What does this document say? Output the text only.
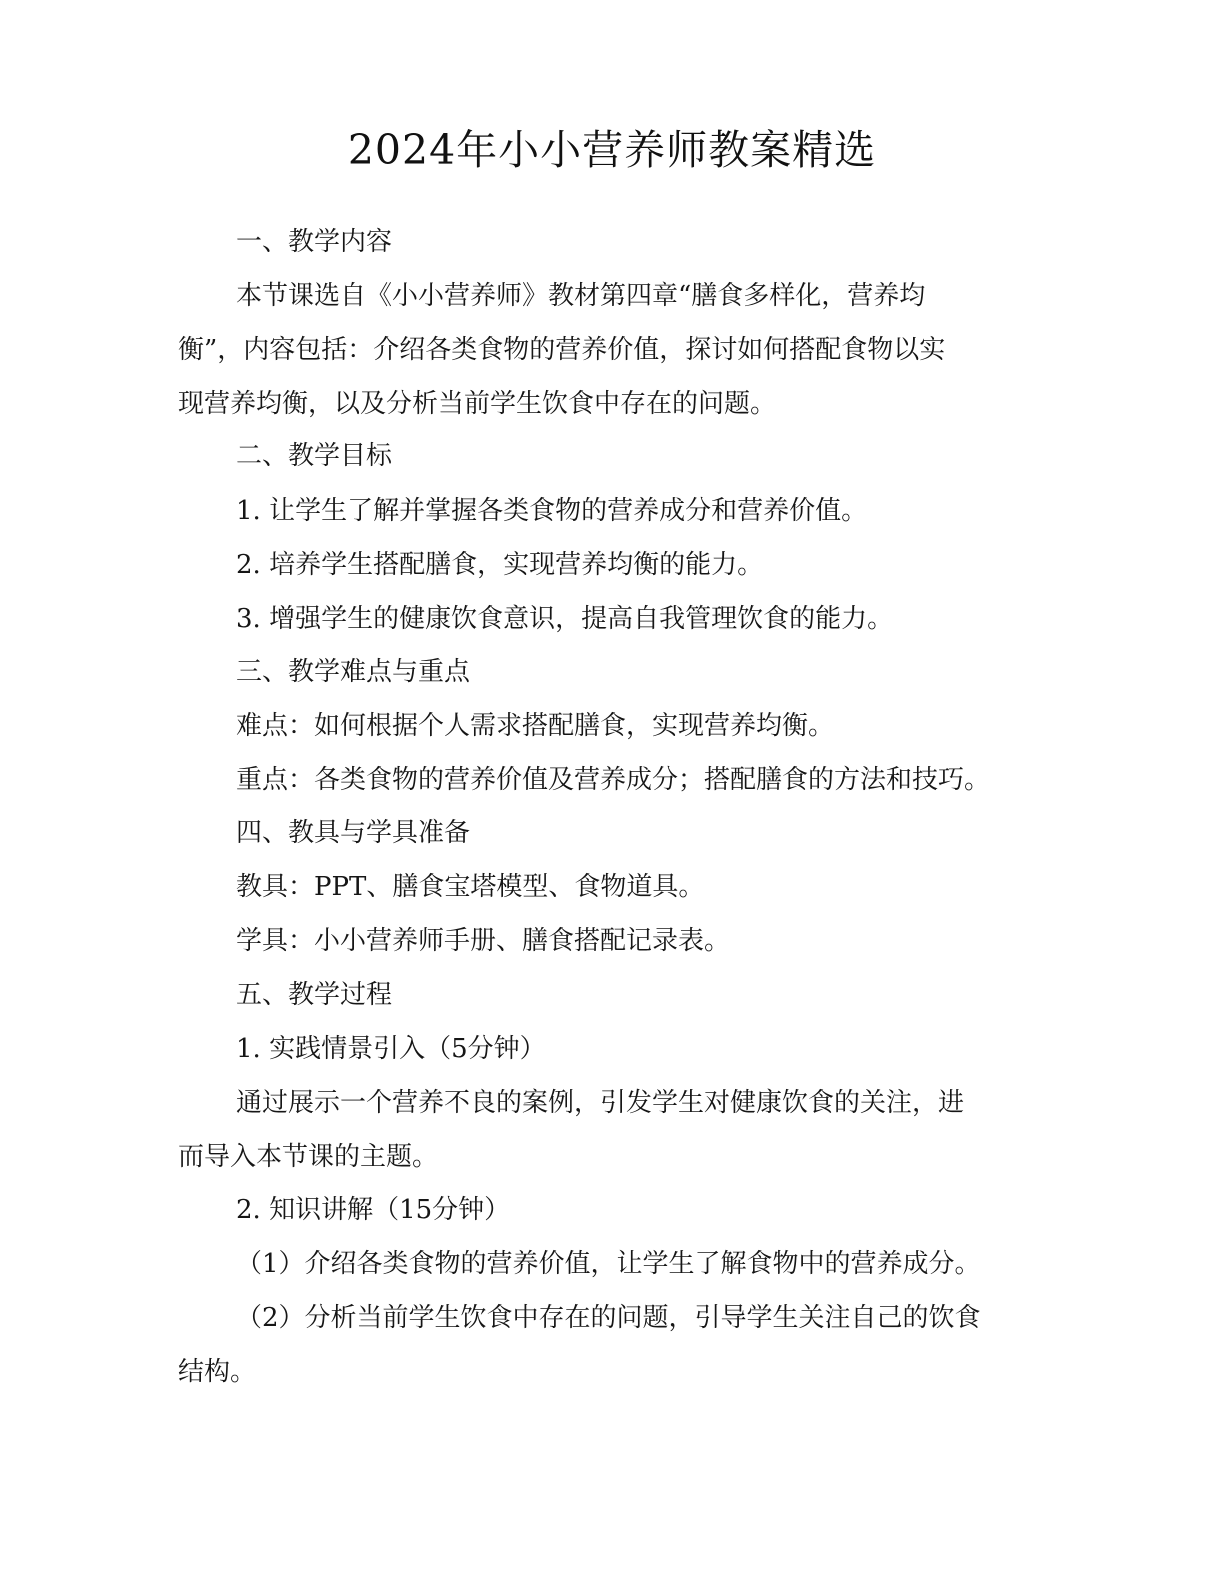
2024年小小营养师教案精选
一、教学内容
本节课选自《小小营养师》教材第四章“膳食多样化，营养均
衡”，内容包括：介绍各类食物的营养价值，探讨如何搭配食物以实
现营养均衡，以及分析当前学生饮食中存在的问题。
二、教学目标
1. 让学生了解并掌握各类食物的营养成分和营养价值。
2. 培养学生搭配膳食，实现营养均衡的能力。
3. 增强学生的健康饮食意识，提高自我管理饮食的能力。
三、教学难点与重点
难点：如何根据个人需求搭配膳食，实现营养均衡。
重点：各类食物的营养价值及营养成分；搭配膳食的方法和技巧。
四、教具与学具准备
教具：PPT、膳食宝塔模型、食物道具。
学具：小小营养师手册、膳食搭配记录表。
五、教学过程
1. 实践情景引入（5分钟）
通过展示一个营养不良的案例，引发学生对健康饮食的关注，进
而导入本节课的主题。
2. 知识讲解（15分钟）
（1）介绍各类食物的营养价值，让学生了解食物中的营养成分。
（2）分析当前学生饮食中存在的问题，引导学生关注自己的饮食
结构。
